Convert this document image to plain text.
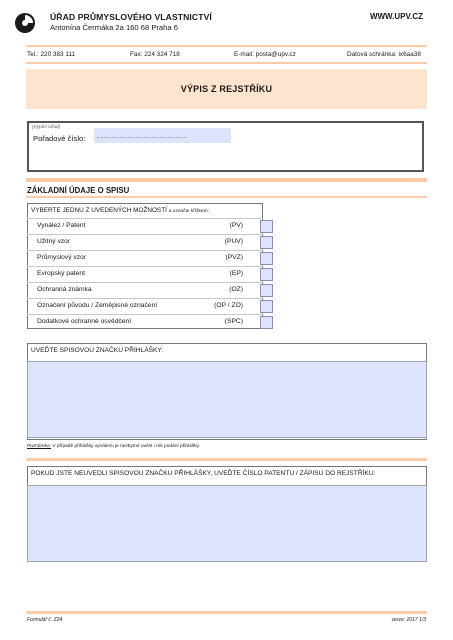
ÚŘAD PRŮMYSLOVÉHO VLASTNICTVÍ
Antonína Čermáka 2a 160 68 Praha 6
WWW.UPV.CZ
Tel.: 220 383 111	Fax: 224 324 718	E-mail: posta@upv.cz	Datová schránka: ix6aa38
VÝPIS Z REJSTŘÍKU
(Vyplní Úřad)
Pořadové číslo:
ZÁKLADNÍ ÚDAJE O SPISU
VYBERTE JEDNU Z UVEDENÝCH MOŽNOSTÍ a označte křížkem:
Vynález / Patent	(PV)
Užitný vzor	(PUV)
Průmyslový vzor	(PVZ)
Evropský patent	(EP)
Ochranná známka	(OZ)
Označení původu / Zeměpisné označení	(OP / ZO)
Dodatkové ochranné osvědčení	(SPC)
UVEĎTE SPISOVOU ZNAČKU PŘIHLÁŠKY:
Poznámka: V případě přihlášky vynálezu je nezbytné uvést i rok podání přihlášky.
POKUD JSTE NEUVEDLI SPISOVOU ZNAČKU PŘIHLÁŠKY, UVEĎTE ČÍSLO PATENTU / ZÁPISU DO REJSTŘÍKU:
Formulář č. Z24	verze: 2017 1/3
